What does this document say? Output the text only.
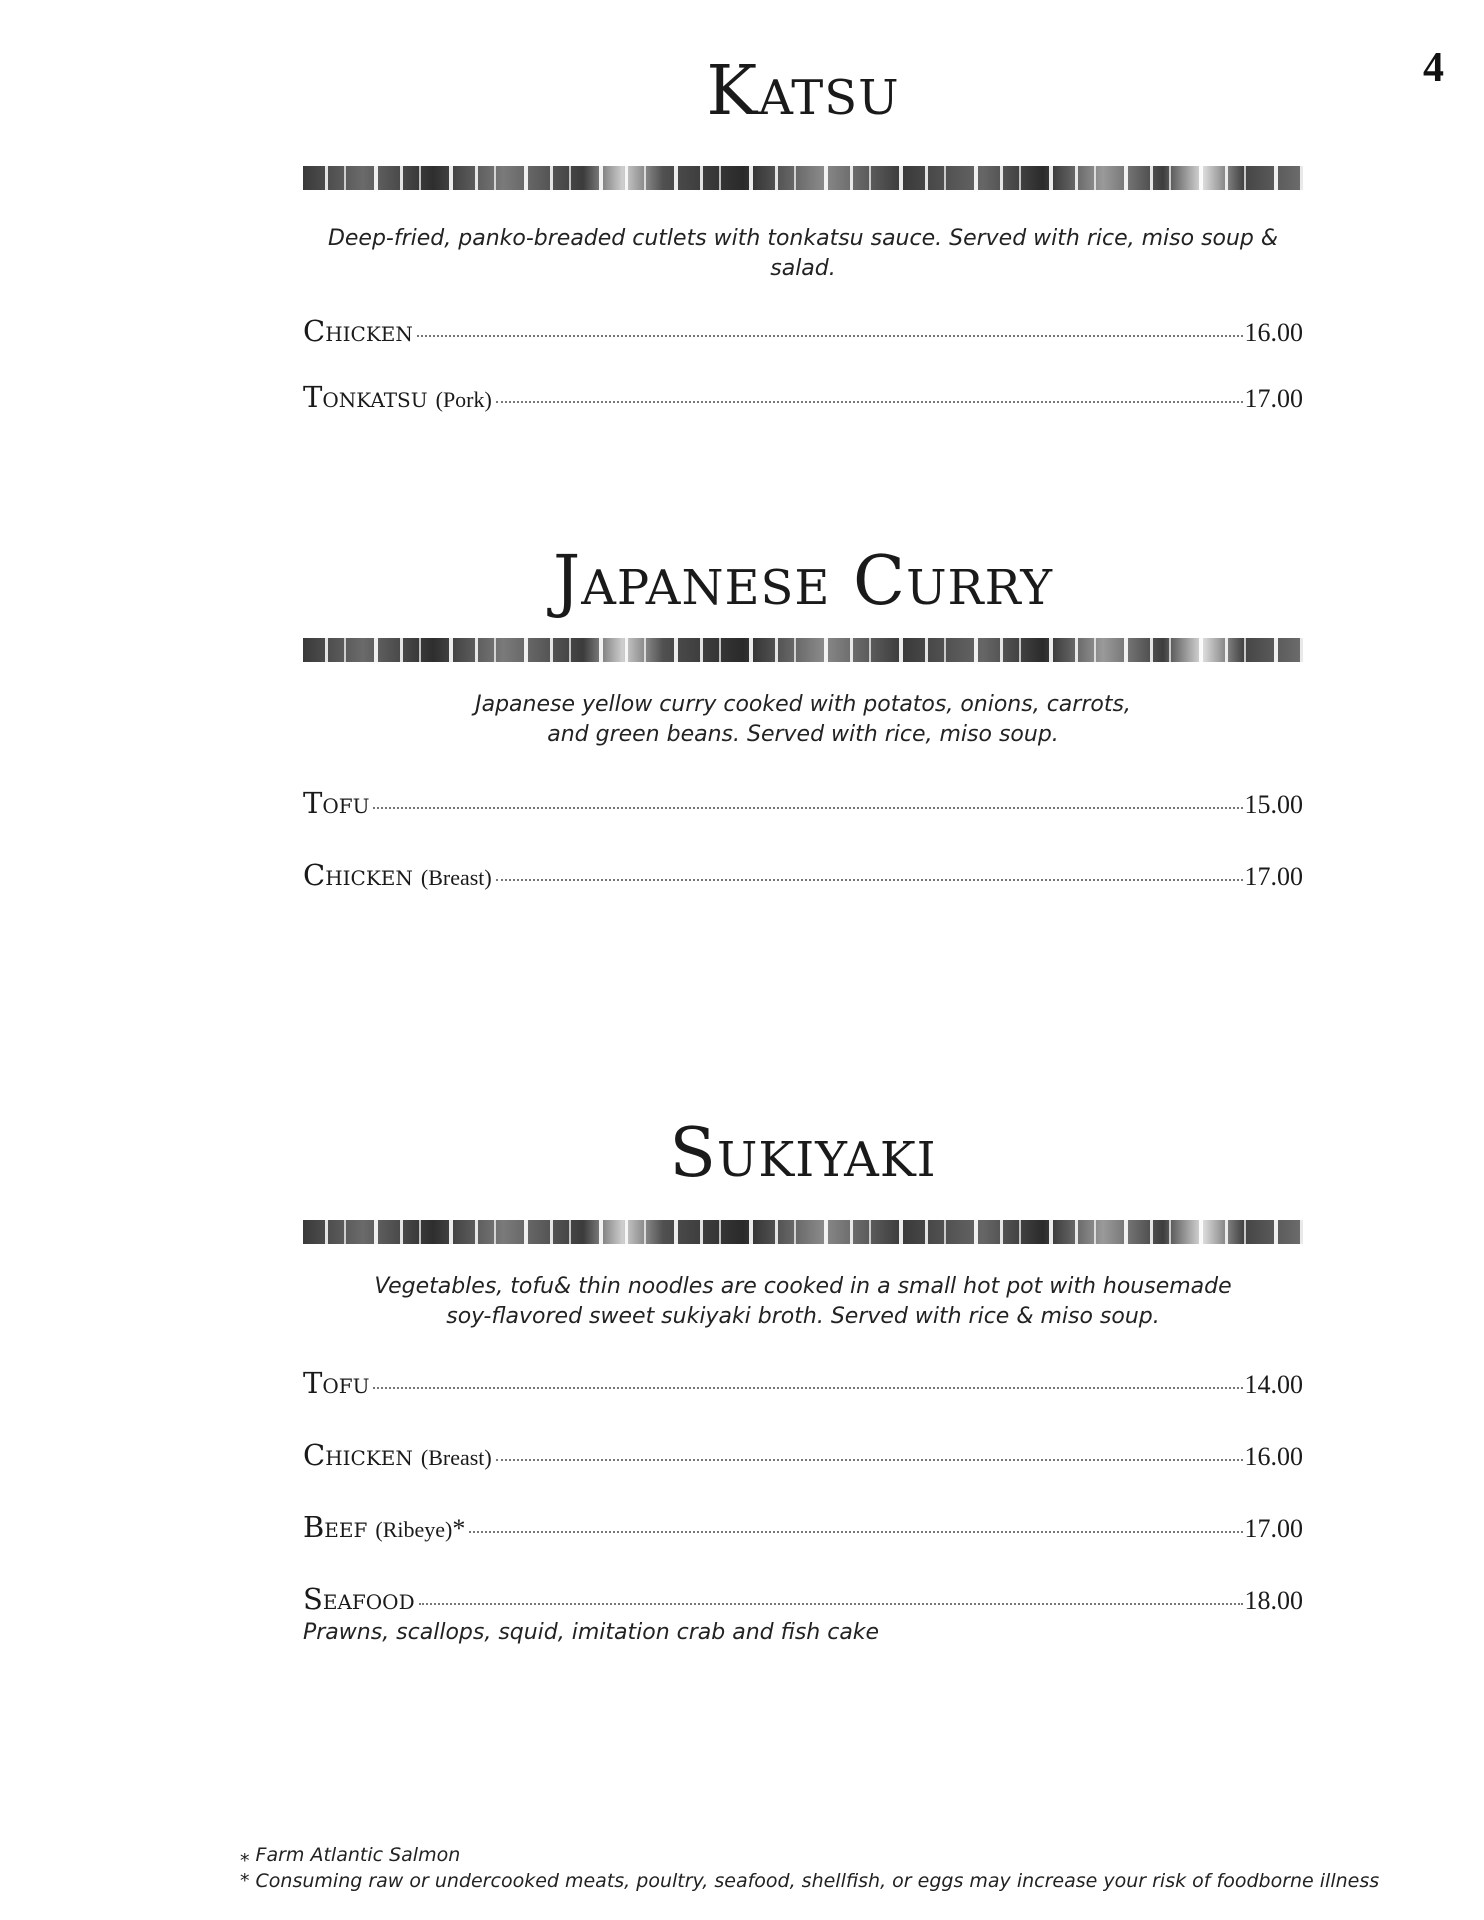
4
Katsu

Deep-fried, panko-breaded cutlets with tonkatsu sauce. Served with rice, miso soup & salad.

Chicken	16.00
Tonkatsu (Pork)	17.00
Japanese Curry

Japanese yellow curry cooked with potatos, onions, carrots,
and green beans. Served with rice, miso soup.

Tofu	15.00
Chicken (Breast)	17.00
Sukiyaki

Vegetables, tofu& thin noodles are cooked in a small hot pot with housemade
soy-flavored sweet sukiyaki broth. Served with rice & miso soup.

Tofu	14.00
Chicken (Breast)	16.00
Beef (Ribeye) *	17.00
Seafood	18.00
Prawns, scallops, squid, imitation crab and fish cake
⁎ Farm Atlantic Salmon
* Consuming raw or undercooked meats, poultry, seafood, shellfish, or eggs may increase your risk of foodborne illness
